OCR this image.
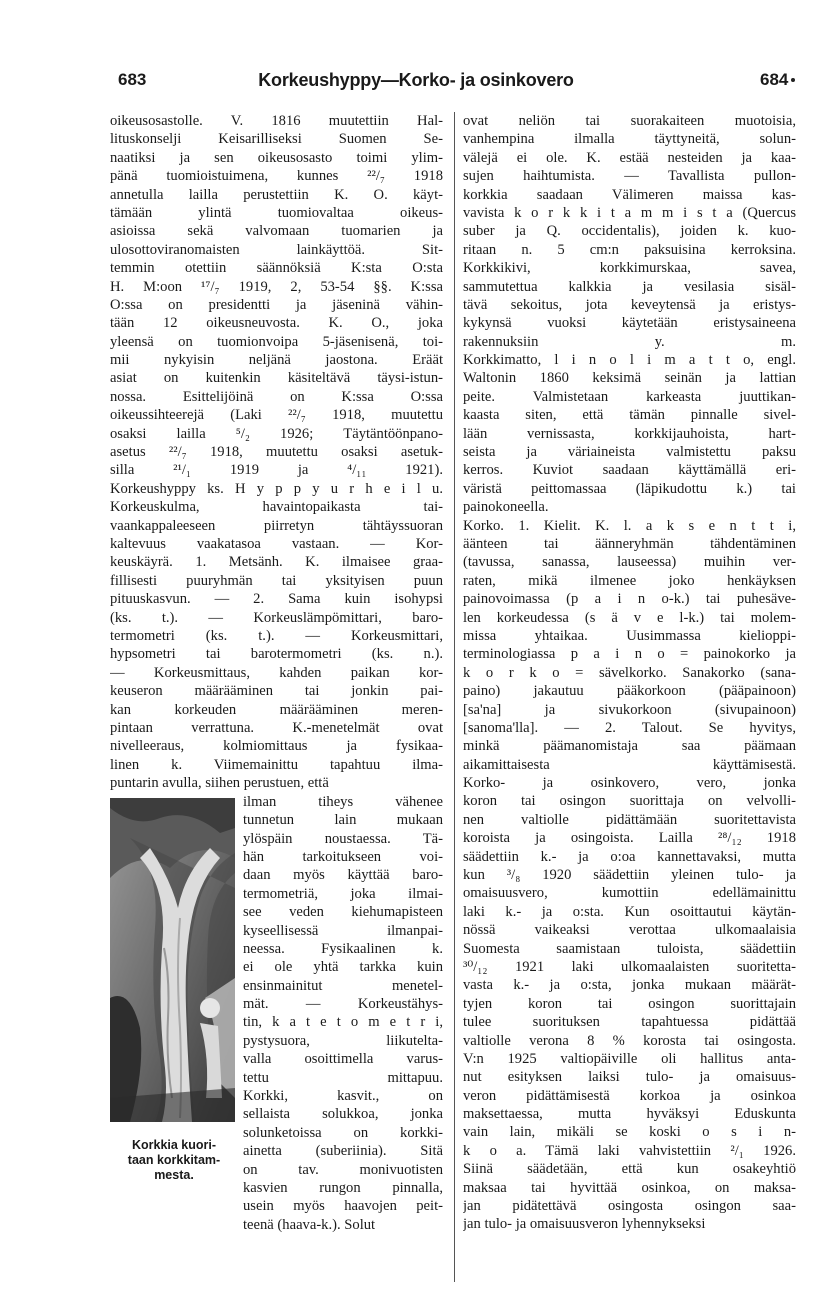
683	Korkeushyppy—Korko- ja osinkovero	684
oikeusosastolle. V. 1816 muutettiin Hal-
lituskonselji Keisarilliseksi Suomen Se-
naatiksi ja sen oikeusosasto toimi ylim-
pänä tuomioistuimena, kunnes ²²/₇ 1918
annetulla laillа perustettiin K. O. käyt-
tämään ylintä tuomiovaltaa oikeus-
asioissa sekä valvomaan tuomarien ja
ulosottoviranomaisten lainkäyttöä. Sit-
temmin otettiin säännöksiä K:sta O:sta
H. M:oon ¹⁷/₇ 1919, 2, 53-54 §§. K:ssa
O:ssa on presidentti ja jäseninä vähin-
tään 12 oikeusneuvosta. K. O., joka
yleensä on tuomionvoipa 5-jäsenisenä, toi-
mii nykyisin neljänä jaostona. Eräät
asiat on kuitenkin käsiteltävä täysi-istun-
nossa. Esittelijöinä on K:ssa O:ssa
oikeussihteerejä (Laki ²²/₇ 1918, muutettu
osaksi laillа ⁵/₂ 1926; Täytäntöönpano-
asetus ²²/₇ 1918, muutettu osaksi asetuk-
silla ²¹/₁ 1919 ja ⁴/₁₁ 1921).
Korkeushyppy ks. H y p p y u r h e i l u.
Korkeuskulma, havaintopaikasta tai-
vaankappaleeseen piirretyn tähtäyssuoran
kaltevuus vaakatasoa vastaan. — Kor-
keuskäyrä. 1. Metsänh. K. ilmaisee graa-
fillisesti puuryhmän tai yksityisen puun
pituuskasvun. — 2. Sama kuin isohypsi
(ks. t.). — Korkeuslämpömittari, baro-
termometri (ks. t.). — Korkeusmittari,
hypsometri tai barotermometri (ks. n.).
— Korkeusmittaus, kahden paikan kor-
keuseron määrääminen tai jonkin pai-
kan korkeuden määrääminen meren-
pintaan verrattuna. K.-menetelmät ovat
nivelleeraus, kolmiomittaus ja fysikaa-
linen k. Viimemainittu tapahtuu ilma-
puntarin avulla, siihen perustuen, että
ilman tiheys vähenee
tunnetun lain mukaan
ylöspäin noustaessa. Tä-
hän tarkoitukseen voi-
daan myös käyttää baro-
termometriä, joka ilmai-
see veden kiehumapisteen
kyseellisessä ilmanpai-
neessa. Fysikaalinen k.
ei ole yhtä tarkka kuin
ensinmainitut menetel-
mät. — Korkeustähys-
tin, k a t e t o m e t r i,
pystysuora, liikutelta-
valla osoittimella varus-
tettu mittapuu.
Korkki, kasvit., on
sellaista solukkoa, jonka
solunketoissa on korkki-
ainetta (suberiinia). Sitä
on tav. monivuotisten
kasvien rungon pinnalla,
usein myös haavojen peit-
teenä (haava-k.). Solut
Korkkia kuori-
taan korkkitam-
mesta.
ovat neliön tai suorakaiteen muotoisia,
vanhempina ilmalla täyttyneitä, solun-
välejä ei ole. K. estää nesteiden ja kaa-
sujen haihtumista. — Tavallista pullon-
korkkia saadaan Välimeren maissa kas-
vavista k o r k k i t a m m i s t a (Quercus
suber ja Q. occidentalis), joiden k. kuo-
ritaan n. 5 cm:n paksuisina kerroksina.
Korkkikivi, korkkimurskaa, savea,
sammutettua kalkkia ja vesilasia sisäl-
tävä sekoitus, jota keveytensä ja eristys-
kykynsä vuoksi käytetään eristysaineena
rakennuksiin y. m.
Korkkimatto, l i n o l i m a t t o, engl.
Waltonin 1860 keksimä seinän ja lattian
peite. Valmistetaan karkeasta juuttikan-
kaasta siten, että tämän pinnalle sivel-
lään vernissasta, korkkijauhoista, hart-
seista ja väriaineista valmistettu paksu
kerros. Kuviot saadaan käyttämällä eri-
väristä peittomassaa (läpikudottu k.) tai
painokoneella.
Korko. 1. Kielit. K. l. a k s e n t t i,
äänteen tai äänneryhmän tähdentäminen
(tavussa, sanassa, lauseessa) muihin ver-
raten, mikä ilmenee joko henkäyksen
painovoimassa (p a i n o-k.) tai puhesäve-
len korkeudessa (s ä v e l-k.) tai molem-
missa yhtaikaa. Uusimmassa kielioppi-
terminologiassa p a i n o = painokorko ja
k o r k o = sävelkorko. Sanakorko (sana-
paino) jakautuu pääkorkoon (pääpainoon)
[sa'na] ja sivukorkoon (sivupainoon)
[sanoma'lla]. — 2. Talout. Se hyvitys,
minkä päämanomistaja saa päämaan
aikamittaisesta käyttämisestä.
Korko- ja osinkovero, vero, jonka
koron tai osingon suorittaja on velvolli-
nen valtiolle pidättämään suoritettavista
koroista ja osingoista. Laillа ²⁸/₁₂ 1918
säädettiin k.- ja o:oa kannettavaksi, mutta
kun ³/₈ 1920 säädettiin yleinen tulo- ja
omaisuusvero, kumottiin edellämainittu
laki k.- ja o:sta. Kun osoittautui käytän-
nössä vaikeaksi verottaa ulkomaalaisia
Suomesta saamistaan tuloista, säädettiin
³⁰/₁₂ 1921 laki ulkomaalaisten suoritetta-
vasta k.- ja o:sta, jonka mukaan määrät-
tyjen koron tai osingon suorittajain
tulee suorituksen tapahtuessa pidättää
valtiolle verona 8 % korosta tai osingosta.
V:n 1925 valtiopäiville oli hallitus anta-
nut esityksen laiksi tulo- ja omaisuus-
veron pidättämisestä korkoa ja osinkoa
maksettaessa, mutta hyväksyi Eduskunta
vain lain, mikäli se koski o s i n-
k o a. Tämä laki vahvistettiin ²/₁ 1926.
Siinä säädetään, että kun osakeyhtiö
maksaa tai hyvittää osinkoa, on maksa-
jan pidätettävä osingosta osingon saa-
jan tulo- ja omaisuusveron lyhennykseksi
